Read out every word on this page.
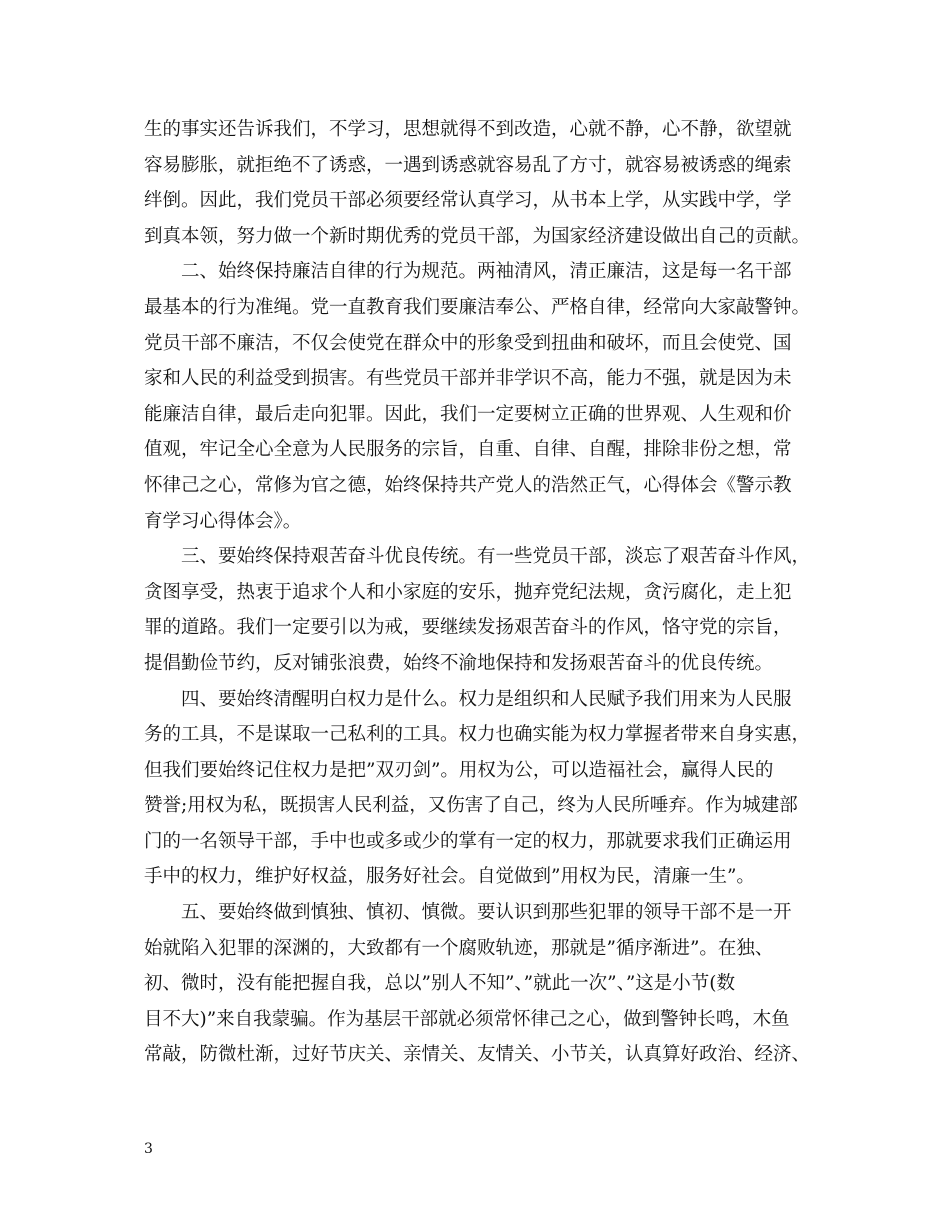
生的事实还告诉我们，不学习，思想就得不到改造，心就不静，心不静，欲望就
容易膨胀，就拒绝不了诱惑，一遇到诱惑就容易乱了方寸，就容易被诱惑的绳索
绊倒。因此，我们党员干部必须要经常认真学习，从书本上学，从实践中学，学
到真本领，努力做一个新时期优秀的党员干部，为国家经济建设做出自己的贡献。
二、始终保持廉洁自律的行为规范。两袖清风，清正廉洁，这是每一名干部
最基本的行为准绳。党一直教育我们要廉洁奉公、严格自律，经常向大家敲警钟。
党员干部不廉洁，不仅会使党在群众中的形象受到扭曲和破坏，而且会使党、国
家和人民的利益受到损害。有些党员干部并非学识不高，能力不强，就是因为未
能廉洁自律，最后走向犯罪。因此，我们一定要树立正确的世界观、人生观和价
值观，牢记全心全意为人民服务的宗旨，自重、自律、自醒，排除非份之想，常
怀律己之心，常修为官之德，始终保持共产党人的浩然正气，心得体会《警示教
育学习心得体会》。
三、要始终保持艰苦奋斗优良传统。有一些党员干部，淡忘了艰苦奋斗作风，
贪图享受，热衷于追求个人和小家庭的安乐，抛弃党纪法规，贪污腐化，走上犯
罪的道路。我们一定要引以为戒，要继续发扬艰苦奋斗的作风，恪守党的宗旨，
提倡勤俭节约，反对铺张浪费，始终不渝地保持和发扬艰苦奋斗的优良传统。
四、要始终清醒明白权力是什么。权力是组织和人民赋予我们用来为人民服
务的工具，不是谋取一己私利的工具。权力也确实能为权力掌握者带来自身实惠，
但我们要始终记住权力是把”双刃剑”。用权为公，可以造福社会，赢得人民的
赞誉;用权为私，既损害人民利益，又伤害了自己，终为人民所唾弃。作为城建部
门的一名领导干部，手中也或多或少的掌有一定的权力，那就要求我们正确运用
手中的权力，维护好权益，服务好社会。自觉做到”用权为民，清廉一生”。
五、要始终做到慎独、慎初、慎微。要认识到那些犯罪的领导干部不是一开
始就陷入犯罪的深渊的，大致都有一个腐败轨迹，那就是”循序渐进”。在独、
初、微时，没有能把握自我，总以”别人不知”、”就此一次”、”这是小节(数
目不大)”来自我蒙骗。作为基层干部就必须常怀律己之心，做到警钟长鸣，木鱼
常敲，防微杜渐，过好节庆关、亲情关、友情关、小节关，认真算好政治、经济、
3
